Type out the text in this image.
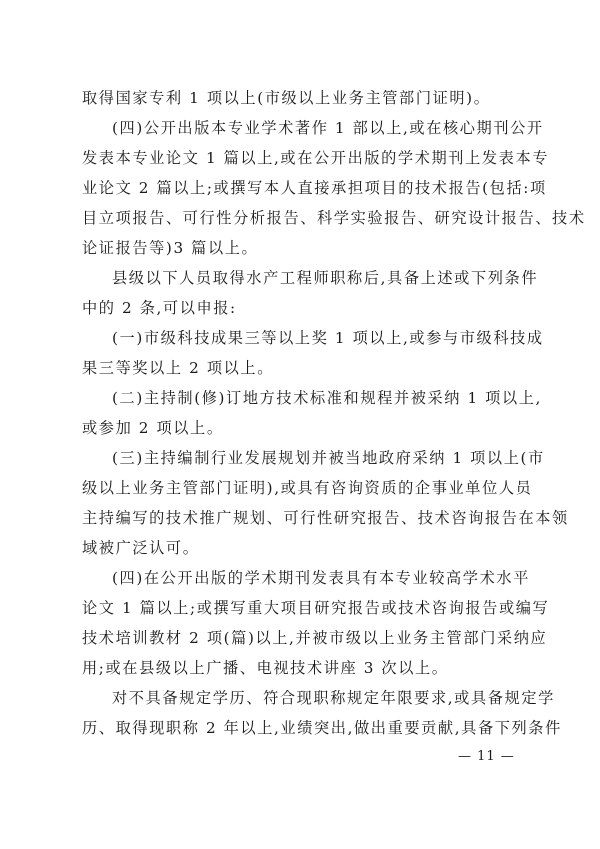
取得国家专利 1 项以上(市级以上业务主管部门证明)。
(四)公开出版本专业学术著作 1 部以上,或在核心期刊公开
发表本专业论文 1 篇以上,或在公开出版的学术期刊上发表本专
业论文 2 篇以上;或撰写本人直接承担项目的技术报告(包括:项
目立项报告、可行性分析报告、科学实验报告、研究设计报告、技术
论证报告等)3 篇以上。
县级以下人员取得水产工程师职称后,具备上述或下列条件
中的 2 条,可以申报:
(一)市级科技成果三等以上奖 1 项以上,或参与市级科技成
果三等奖以上 2 项以上。
(二)主持制(修)订地方技术标准和规程并被采纳 1 项以上,
或参加 2 项以上。
(三)主持编制行业发展规划并被当地政府采纳 1 项以上(市
级以上业务主管部门证明),或具有咨询资质的企事业单位人员
主持编写的技术推广规划、可行性研究报告、技术咨询报告在本领
域被广泛认可。
(四)在公开出版的学术期刊发表具有本专业较高学术水平
论文 1 篇以上;或撰写重大项目研究报告或技术咨询报告或编写
技术培训教材 2 项(篇)以上,并被市级以上业务主管部门采纳应
用;或在县级以上广播、电视技术讲座 3 次以上。
对不具备规定学历、符合现职称规定年限要求,或具备规定学
历、取得现职称 2 年以上,业绩突出,做出重要贡献,具备下列条件
— 11 —
